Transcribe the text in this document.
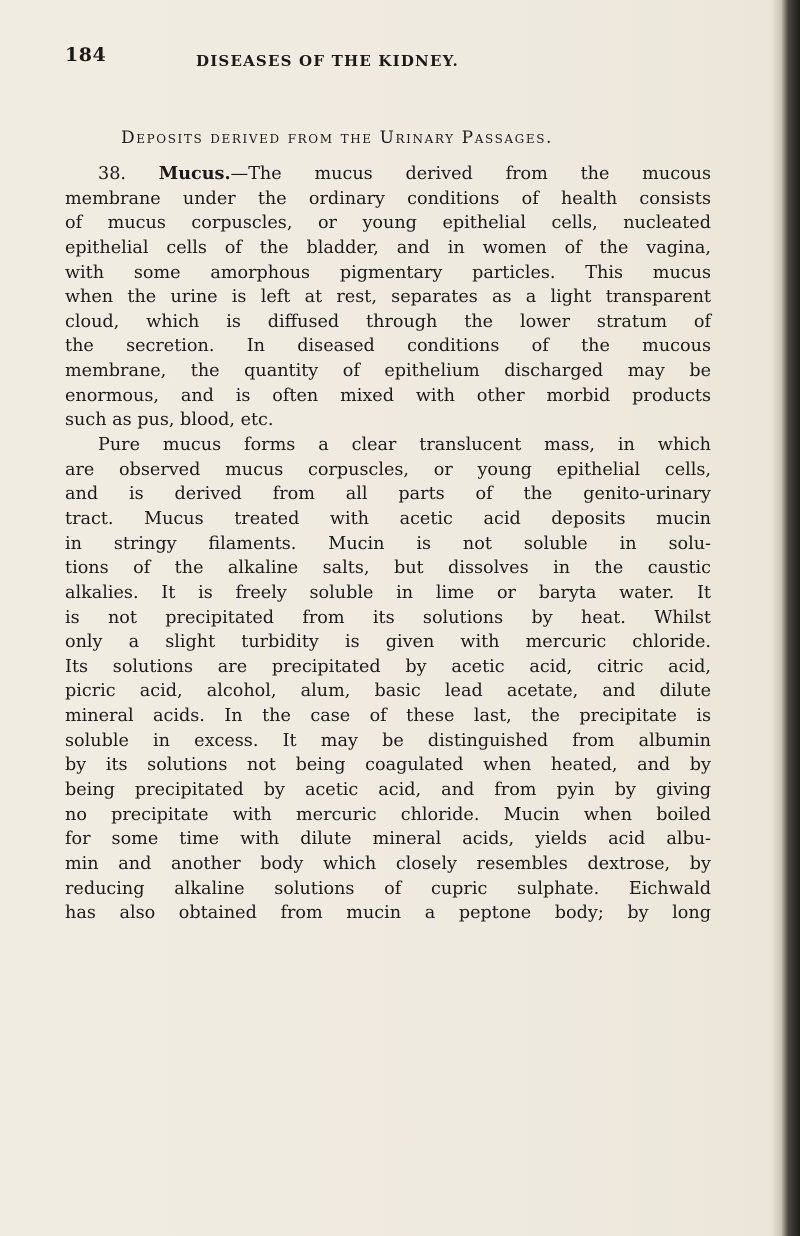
184	DISEASES OF THE KIDNEY.
Deposits derived from the Urinary Passages.
38. Mucus.—The mucus derived from the mucous
membrane under the ordinary conditions of health consists
of mucus corpuscles, or young epithelial cells, nucleated
epithelial cells of the bladder, and in women of the vagina,
with some amorphous pigmentary particles. This mucus
when the urine is left at rest, separates as a light transparent
cloud, which is diffused through the lower stratum of
the secretion. In diseased conditions of the mucous
membrane, the quantity of epithelium discharged may be
enormous, and is often mixed with other morbid products
such as pus, blood, etc.
Pure mucus forms a clear translucent mass, in which
are observed mucus corpuscles, or young epithelial cells,
and is derived from all parts of the genito-urinary
tract. Mucus treated with acetic acid deposits mucin
in stringy filaments. Mucin is not soluble in solu-
tions of the alkaline salts, but dissolves in the caustic
alkalies. It is freely soluble in lime or baryta water. It
is not precipitated from its solutions by heat. Whilst
only a slight turbidity is given with mercuric chloride.
Its solutions are precipitated by acetic acid, citric acid,
picric acid, alcohol, alum, basic lead acetate, and dilute
mineral acids. In the case of these last, the precipitate is
soluble in excess. It may be distinguished from albumin
by its solutions not being coagulated when heated, and by
being precipitated by acetic acid, and from pyin by giving
no precipitate with mercuric chloride. Mucin when boiled
for some time with dilute mineral acids, yields acid albu-
min and another body which closely resembles dextrose, by
reducing alkaline solutions of cupric sulphate. Eichwald
has also obtained from mucin a peptone body; by long
